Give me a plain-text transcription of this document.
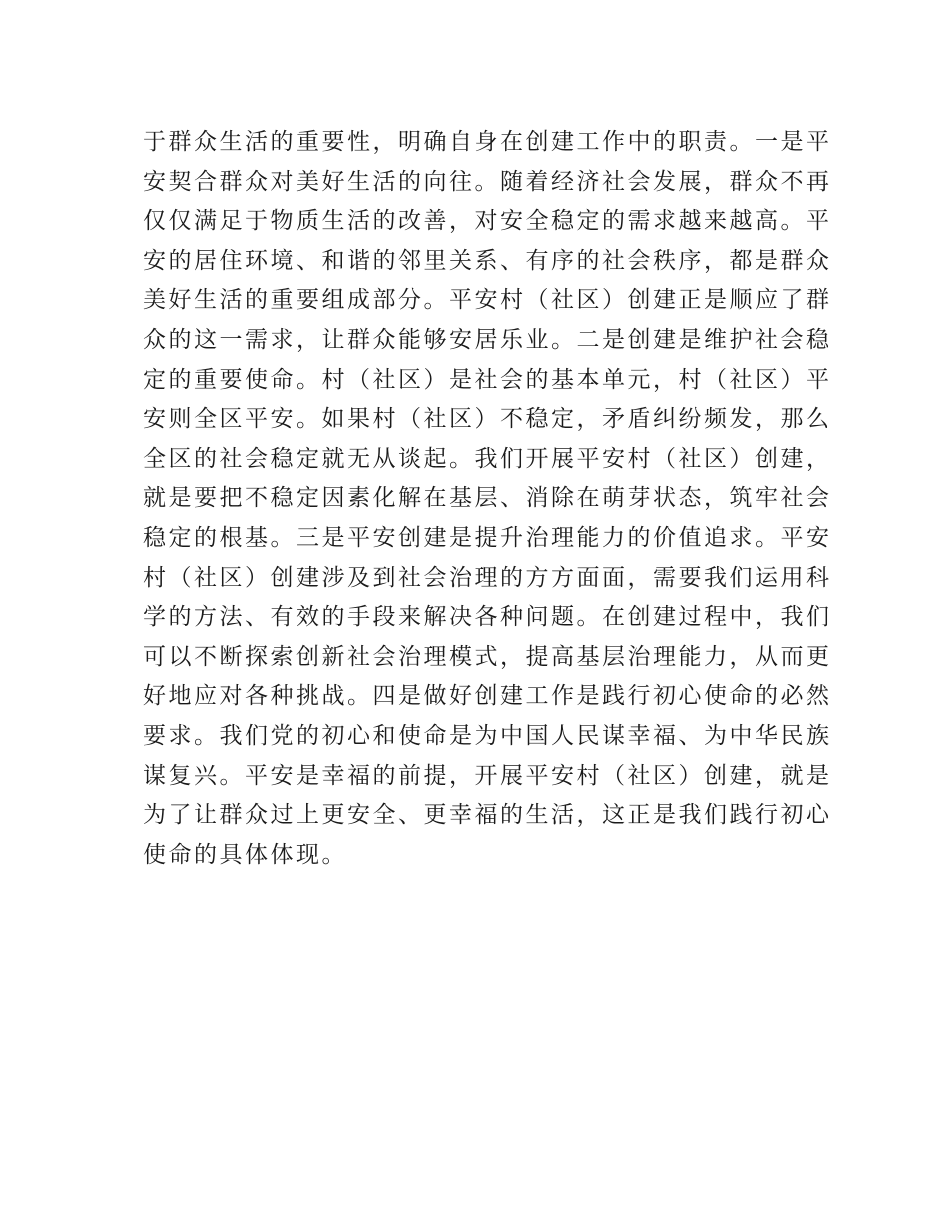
于群众生活的重要性，明确自身在创建工作中的职责。一是平
安契合群众对美好生活的向往。随着经济社会发展，群众不再
仅仅满足于物质生活的改善，对安全稳定的需求越来越高。平
安的居住环境、和谐的邻里关系、有序的社会秩序，都是群众
美好生活的重要组成部分。平安村（社区）创建正是顺应了群
众的这一需求，让群众能够安居乐业。二是创建是维护社会稳
定的重要使命。村（社区）是社会的基本单元，村（社区）平
安则全区平安。如果村（社区）不稳定，矛盾纠纷频发，那么
全区的社会稳定就无从谈起。我们开展平安村（社区）创建，
就是要把不稳定因素化解在基层、消除在萌芽状态，筑牢社会
稳定的根基。三是平安创建是提升治理能力的价值追求。平安
村（社区）创建涉及到社会治理的方方面面，需要我们运用科
学的方法、有效的手段来解决各种问题。在创建过程中，我们
可以不断探索创新社会治理模式，提高基层治理能力，从而更
好地应对各种挑战。四是做好创建工作是践行初心使命的必然
要求。我们党的初心和使命是为中国人民谋幸福、为中华民族
谋复兴。平安是幸福的前提，开展平安村（社区）创建，就是
为了让群众过上更安全、更幸福的生活，这正是我们践行初心
使命的具体体现。
